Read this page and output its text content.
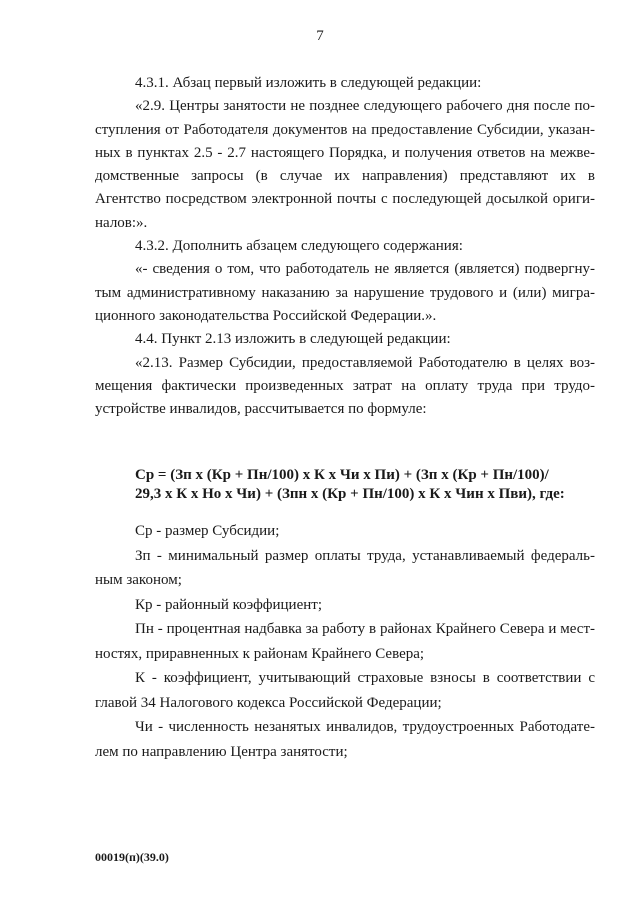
7
4.3.1. Абзац первый изложить в следующей редакции:
«2.9. Центры занятости не позднее следующего рабочего дня после по-
ступления от Работодателя документов на предоставление Субсидии, указан-
ных в пунктах 2.5 - 2.7 настоящего Порядка, и получения ответов на межве-
домственные запросы (в случае их направления) представляют их в
Агентство посредством электронной почты с последующей досылкой ориги-
налов:».
4.3.2. Дополнить абзацем следующего содержания:
«- сведения о том, что работодатель не является (является) подвергну-
тым административному наказанию за нарушение трудового и (или) мигра-
ционного законодательства Российской Федерации.».
4.4. Пункт 2.13 изложить в следующей редакции:
«2.13. Размер Субсидии, предоставляемой Работодателю в целях воз-
мещения фактически произведенных затрат на оплату труда при трудо-
устройстве инвалидов, рассчитывается по формуле:
Ср = (Зп x (Кр + Пн/100) x К x Чи x Пи) + (Зп x (Кр + Пн/100)/
29,3 x К x Но x Чи) + (Зпн x (Кр + Пн/100) x К x Чин x Пви), где:
Ср - размер Субсидии;
Зп - минимальный размер оплаты труда, устанавливаемый федераль-
ным законом;
Кр - районный коэффициент;
Пн - процентная надбавка за работу в районах Крайнего Севера и мест-
ностях, приравненных к районам Крайнего Севера;
К - коэффициент, учитывающий страховые взносы в соответствии с
главой 34 Налогового кодекса Российской Федерации;
Чи - численность незанятых инвалидов, трудоустроенных Работодате-
лем по направлению Центра занятости;
00019(п)(39.0)
